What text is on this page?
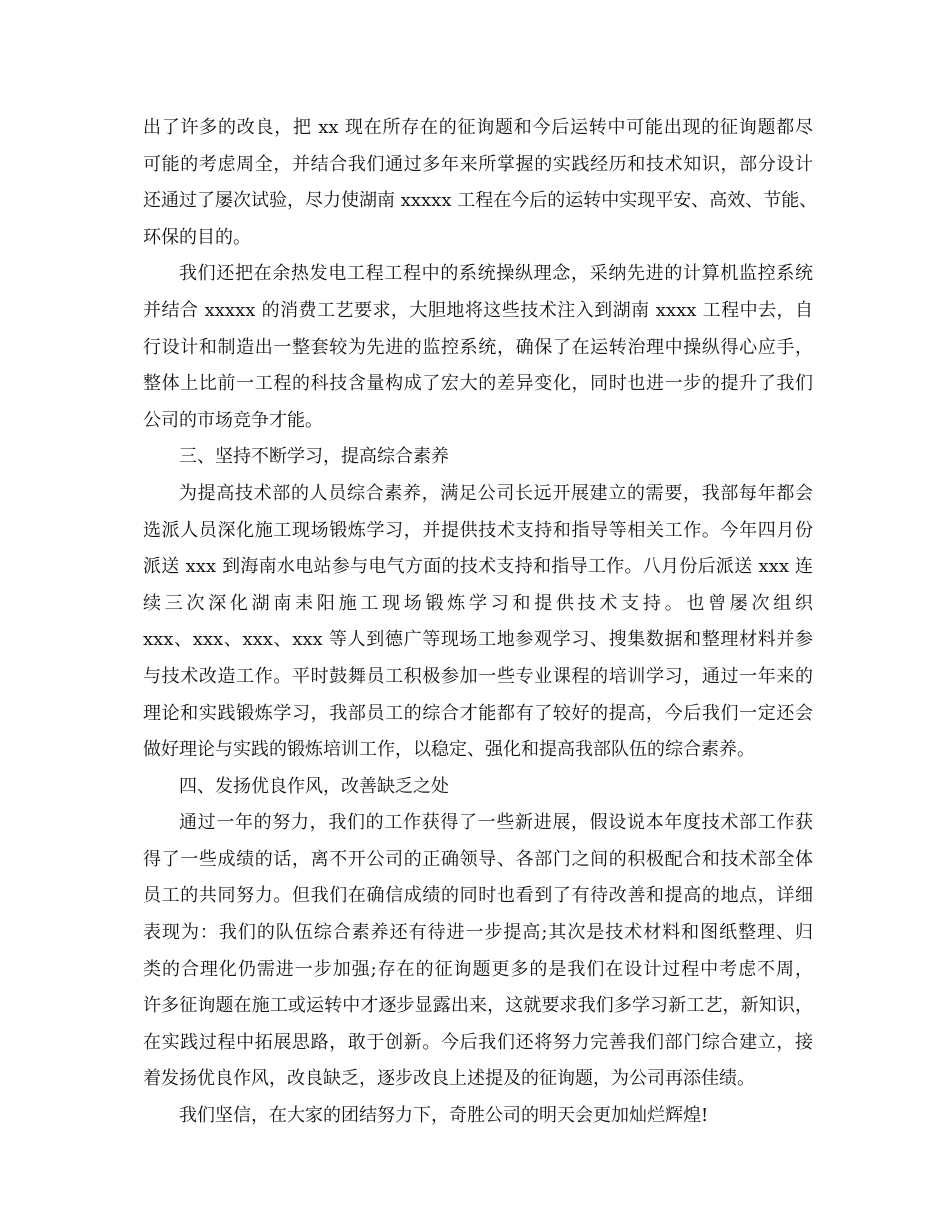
出了许多的改良，把 xx 现在所存在的征询题和今后运转中可能出现的征询题都尽
可能的考虑周全，并结合我们通过多年来所掌握的实践经历和技术知识，部分设计
还通过了屡次试验，尽力使湖南 xxxxx 工程在今后的运转中实现平安、高效、节能、
环保的目的。
我们还把在余热发电工程工程中的系统操纵理念，采纳先进的计算机监控系统
并结合 xxxxx 的消费工艺要求，大胆地将这些技术注入到湖南 xxxx 工程中去，自
行设计和制造出一整套较为先进的监控系统，确保了在运转治理中操纵得心应手，
整体上比前一工程的科技含量构成了宏大的差异变化，同时也进一步的提升了我们
公司的市场竞争才能。
三、坚持不断学习，提高综合素养
为提高技术部的人员综合素养，满足公司长远开展建立的需要，我部每年都会
选派人员深化施工现场锻炼学习，并提供技术支持和指导等相关工作。今年四月份
派送 xxx 到海南水电站参与电气方面的技术支持和指导工作。八月份后派送 xxx 连
续三次深化湖南耒阳施工现场锻炼学习和提供技术支持。也曾屡次组织
xxx、xxx、xxx、xxx 等人到德广等现场工地参观学习、搜集数据和整理材料并参
与技术改造工作。平时鼓舞员工积极参加一些专业课程的培训学习，通过一年来的
理论和实践锻炼学习，我部员工的综合才能都有了较好的提高，今后我们一定还会
做好理论与实践的锻炼培训工作，以稳定、强化和提高我部队伍的综合素养。
四、发扬优良作风，改善缺乏之处
通过一年的努力，我们的工作获得了一些新进展，假设说本年度技术部工作获
得了一些成绩的话，离不开公司的正确领导、各部门之间的积极配合和技术部全体
员工的共同努力。但我们在确信成绩的同时也看到了有待改善和提高的地点，详细
表现为：我们的队伍综合素养还有待进一步提高;其次是技术材料和图纸整理、归
类的合理化仍需进一步加强;存在的征询题更多的是我们在设计过程中考虑不周，
许多征询题在施工或运转中才逐步显露出来，这就要求我们多学习新工艺，新知识，
在实践过程中拓展思路，敢于创新。今后我们还将努力完善我们部门综合建立，接
着发扬优良作风，改良缺乏，逐步改良上述提及的征询题，为公司再添佳绩。
我们坚信，在大家的团结努力下，奇胜公司的明天会更加灿烂辉煌!
